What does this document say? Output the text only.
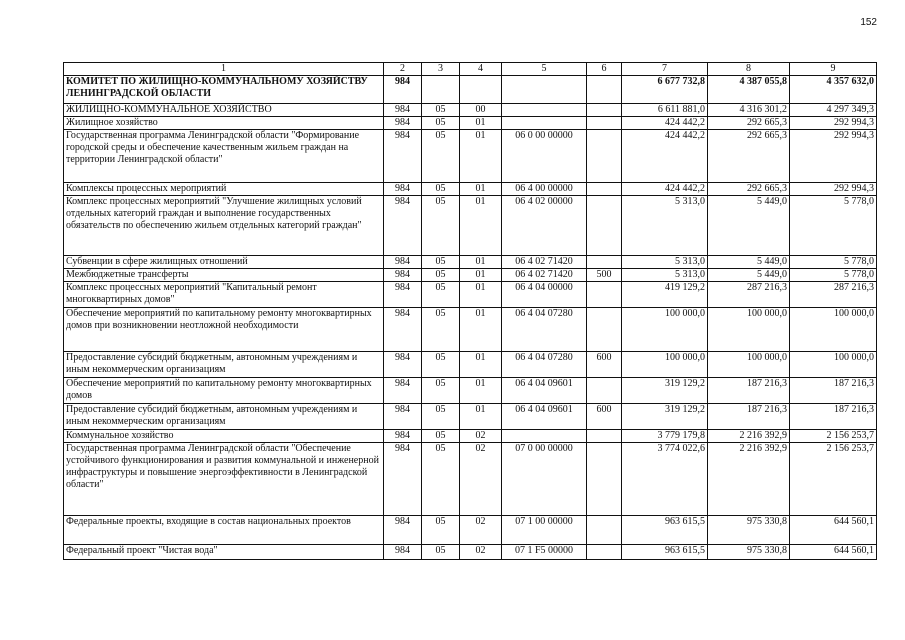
152
1	2	3	4	5	6	7	8	9
КОМИТЕТ ПО ЖИЛИЩНО-КОММУНАЛЬНОМУ ХОЗЯЙСТВУ ЛЕНИНГРАДСКОЙ ОБЛАСТИ	984					6 677 732,8	4 387 055,8	4 357 632,0
ЖИЛИЩНО-КОММУНАЛЬНОЕ ХОЗЯЙСТВО	984	05	00			6 611 881,0	4 316 301,2	4 297 349,3
Жилищное хозяйство	984	05	01			424 442,2	292 665,3	292 994,3
Государственная программа Ленинградской области "Формирование городской среды и обеспечение качественным жильем граждан на территории Ленинградской области"	984	05	01	06 0 00 00000		424 442,2	292 665,3	292 994,3
Комплексы процессных мероприятий	984	05	01	06 4 00 00000		424 442,2	292 665,3	292 994,3
Комплекс процессных мероприятий "Улучшение жилищных условий отдельных категорий граждан и выполнение государственных обязательств по обеспечению жильем отдельных категорий граждан"	984	05	01	06 4 02 00000		5 313,0	5 449,0	5 778,0
Субвенции в сфере жилищных отношений	984	05	01	06 4 02 71420		5 313,0	5 449,0	5 778,0
Межбюджетные трансферты	984	05	01	06 4 02 71420	500	5 313,0	5 449,0	5 778,0
Комплекс процессных мероприятий "Капитальный ремонт многоквартирных домов"	984	05	01	06 4 04 00000		419 129,2	287 216,3	287 216,3
Обеспечение мероприятий по капитальному ремонту многоквартирных домов при возникновении неотложной необходимости	984	05	01	06 4 04 07280		100 000,0	100 000,0	100 000,0
Предоставление субсидий бюджетным, автономным учреждениям и иным некоммерческим организациям	984	05	01	06 4 04 07280	600	100 000,0	100 000,0	100 000,0
Обеспечение мероприятий по капитальному ремонту многоквартирных домов	984	05	01	06 4 04 09601		319 129,2	187 216,3	187 216,3
Предоставление субсидий бюджетным, автономным учреждениям и иным некоммерческим организациям	984	05	01	06 4 04 09601	600	319 129,2	187 216,3	187 216,3
Коммунальное хозяйство	984	05	02			3 779 179,8	2 216 392,9	2 156 253,7
Государственная программа Ленинградской области "Обеспечение устойчивого функционирования и развития коммунальной и инженерной инфраструктуры и повышение энергоэффективности в Ленинградской области"	984	05	02	07 0 00 00000		3 774 022,6	2 216 392,9	2 156 253,7
Федеральные проекты, входящие в состав национальных проектов	984	05	02	07 1 00 00000		963 615,5	975 330,8	644 560,1
Федеральный проект "Чистая вода"	984	05	02	07 1 F5 00000		963 615,5	975 330,8	644 560,1
